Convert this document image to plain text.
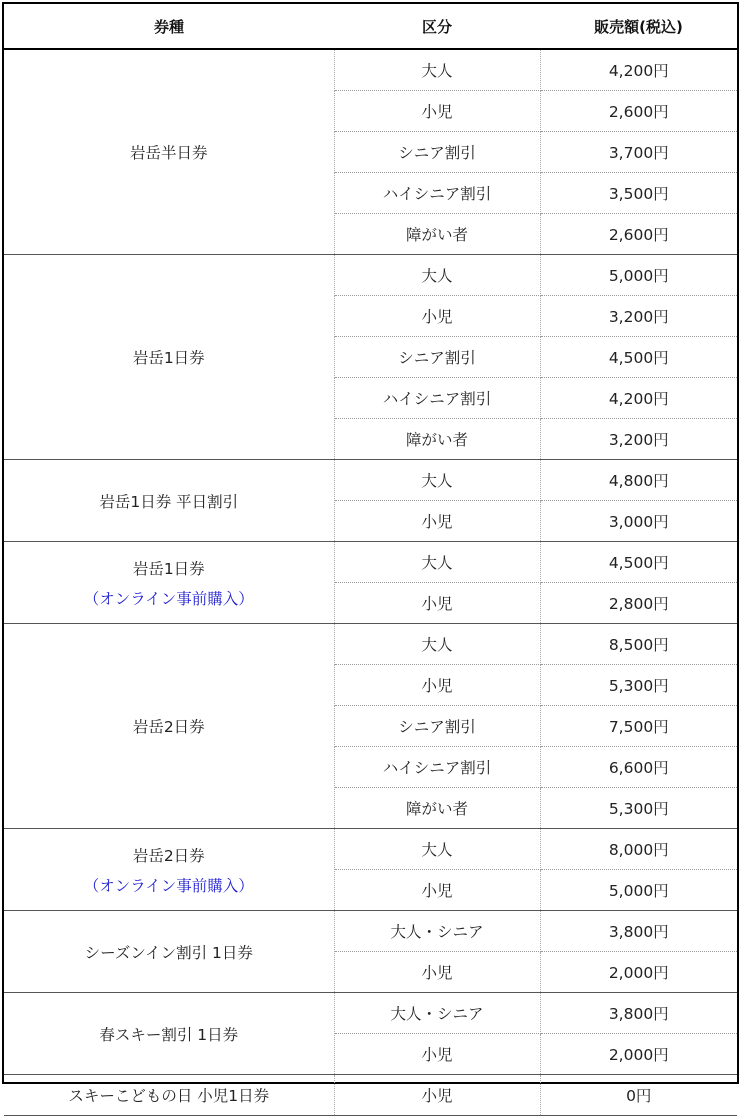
券種	区分	販売額(税込)

岩岳半日券	大人	4,200円
	小児	2,600円
	シニア割引	3,700円
	ハイシニア割引	3,500円
	障がい者	2,600円

岩岳1日券	大人	5,000円
	小児	3,200円
	シニア割引	4,500円
	ハイシニア割引	4,200円
	障がい者	3,200円

岩岳1日券 平日割引	大人	4,800円
	小児	3,000円

岩岳1日券
（オンライン事前購入）	大人	4,500円
	小児	2,800円

岩岳2日券	大人	8,500円
	小児	5,300円
	シニア割引	7,500円
	ハイシニア割引	6,600円
	障がい者	5,300円

岩岳2日券
（オンライン事前購入）	大人	8,000円
	小児	5,000円

シーズンイン割引 1日券	大人・シニア	3,800円
	小児	2,000円

春スキー割引 1日券	大人・シニア	3,800円
	小児	2,000円

スキーこどもの日 小児1日券	小児	0円
